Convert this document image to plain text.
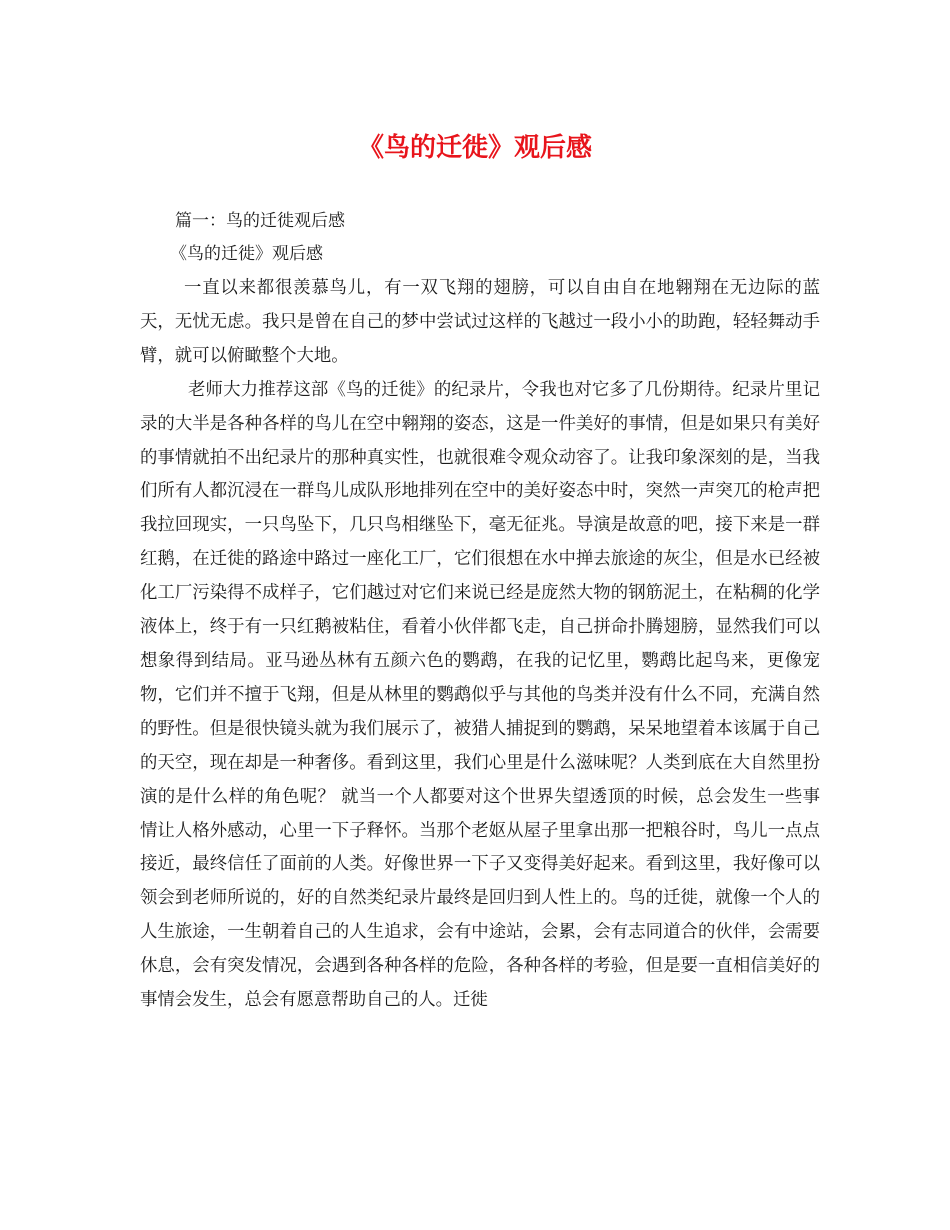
《鸟的迁徙》观后感
篇一：鸟的迁徙观后感
《鸟的迁徙》观后感

一直以来都很羡慕鸟儿，有一双飞翔的翅膀，可以自由自在地翱翔在无边际的蓝天，无忧无虑。我只是曾在自己的梦中尝试过这样的飞越过一段小小的助跑，轻轻舞动手臂，就可以俯瞰整个大地。

老师大力推荐这部《鸟的迁徙》的纪录片，令我也对它多了几份期待。纪录片里记录的大半是各种各样的鸟儿在空中翱翔的姿态，这是一件美好的事情，但是如果只有美好的事情就拍不出纪录片的那种真实性，也就很难令观众动容了。让我印象深刻的是，当我们所有人都沉浸在一群鸟儿成队形地排列在空中的美好姿态中时，突然一声突兀的枪声把我拉回现实，一只鸟坠下，几只鸟相继坠下，毫无征兆。导演是故意的吧，接下来是一群红鹅，在迁徙的路途中路过一座化工厂，它们很想在水中掸去旅途的灰尘，但是水已经被化工厂污染得不成样子，它们越过对它们来说已经是庞然大物的钢筋泥土，在粘稠的化学液体上，终于有一只红鹅被粘住，看着小伙伴都飞走，自己拼命扑腾翅膀，显然我们可以想象得到结局。亚马逊丛林有五颜六色的鹦鹉，在我的记忆里，鹦鹉比起鸟来，更像宠物，它们并不擅于飞翔，但是从林里的鹦鹉似乎与其他的鸟类并没有什么不同，充满自然的野性。但是很快镜头就为我们展示了，被猎人捕捉到的鹦鹉，呆呆地望着本该属于自己的天空，现在却是一种奢侈。看到这里，我们心里是什么滋味呢？人类到底在大自然里扮演的是什么样的角色呢？ 就当一个人都要对这个世界失望透顶的时候，总会发生一些事情让人格外感动，心里一下子释怀。当那个老妪从屋子里拿出那一把粮谷时，鸟儿一点点接近，最终信任了面前的人类。好像世界一下子又变得美好起来。看到这里，我好像可以领会到老师所说的，好的自然类纪录片最终是回归到人性上的。鸟的迁徙，就像一个人的人生旅途，一生朝着自己的人生追求，会有中途站，会累，会有志同道合的伙伴，会需要休息，会有突发情况，会遇到各种各样的危险，各种各样的考验，但是要一直相信美好的事情会发生，总会有愿意帮助自己的人。迁徙
